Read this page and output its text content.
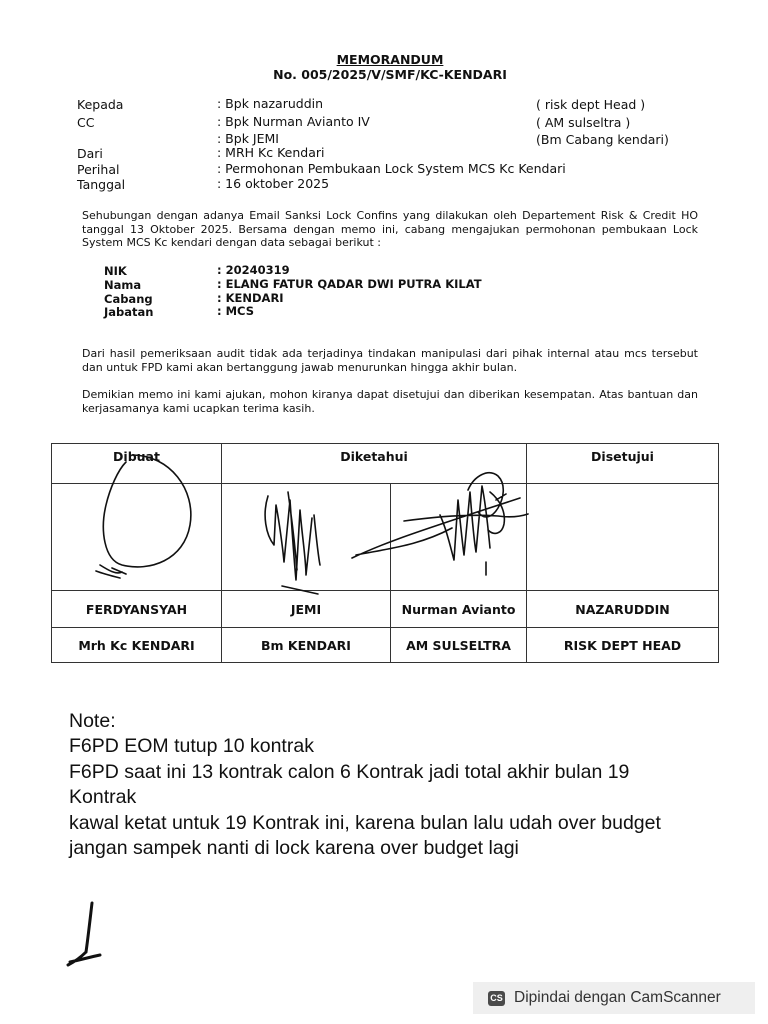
MEMORANDUM
No. 005/2025/V/SMF/KC-KENDARI
Kepada	: Bpk nazaruddin	( risk dept Head )
CC	: Bpk Nurman Avianto IV	( AM sulseltra )
: Bpk JEMI	(Bm Cabang kendari)
Dari	: MRH Kc Kendari
Perihal	: Permohonan Pembukaan Lock System MCS Kc Kendari
Tanggal	: 16 oktober 2025
Sehubungan dengan adanya Email Sanksi Lock Confins yang dilakukan oleh Departement Risk & Credit HO tanggal 13 Oktober 2025. Bersama dengan memo ini, cabang mengajukan permohonan pembukaan Lock System MCS Kc kendari dengan data sebagai berikut :
NIK	: 20240319
Nama	: ELANG FATUR QADAR DWI PUTRA KILAT
Cabang	: KENDARI
Jabatan	: MCS
Dari hasil pemeriksaan audit tidak ada terjadinya tindakan manipulasi dari pihak internal atau mcs tersebut dan untuk FPD kami akan bertanggung jawab menurunkan hingga akhir bulan.
Demikian memo ini kami ajukan, mohon kiranya dapat disetujui dan diberikan kesempatan. Atas bantuan dan kerjasamanya kami ucapkan terima kasih.
Dibuat	Diketahui		Disetujui

FERDYANSYAH	JEMI	Nurman Avianto	NAZARUDDIN
Mrh Kc KENDARI	Bm KENDARI	AM SULSELTRA	RISK DEPT HEAD
Note:
F6PD EOM tutup 10 kontrak
F6PD saat ini 13 kontrak calon 6 Kontrak jadi total akhir bulan 19
Kontrak
kawal ketat untuk 19 Kontrak ini, karena bulan lalu udah over budget
jangan sampek nanti di lock karena over budget lagi
CS Dipindai dengan CamScanner
